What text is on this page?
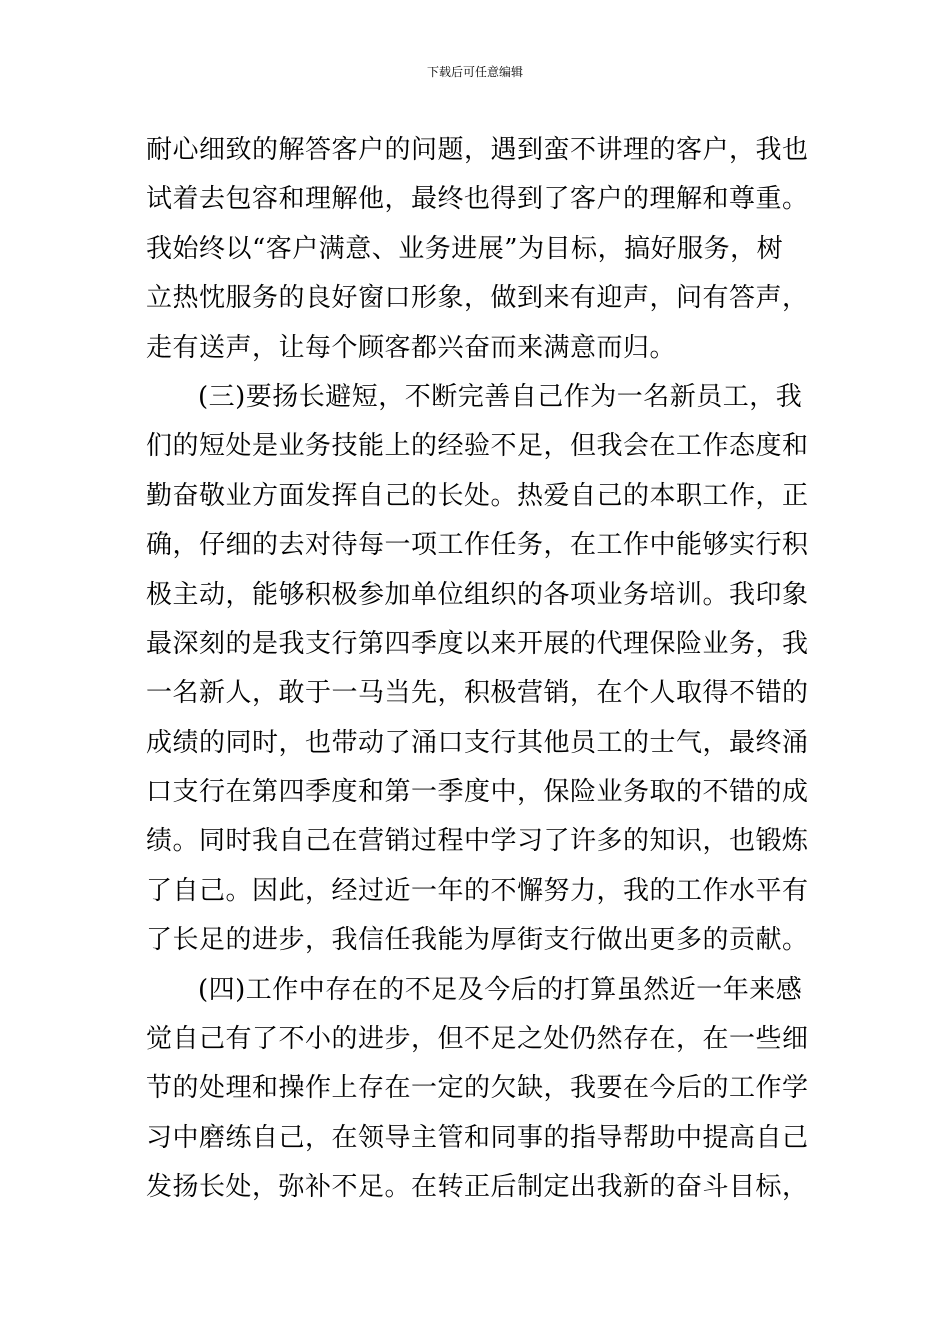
下载后可任意编辑
耐心细致的解答客户的问题，遇到蛮不讲理的客户，我也
试着去包容和理解他，最终也得到了客户的理解和尊重。
我始终以“客户满意、业务进展”为目标，搞好服务，树
立热忱服务的良好窗口形象，做到来有迎声，问有答声，
走有送声，让每个顾客都兴奋而来满意而归。
(三)要扬长避短，不断完善自己作为一名新员工，我
们的短处是业务技能上的经验不足，但我会在工作态度和
勤奋敬业方面发挥自己的长处。热爱自己的本职工作，正
确，仔细的去对待每一项工作任务，在工作中能够实行积
极主动，能够积极参加单位组织的各项业务培训。我印象
最深刻的是我支行第四季度以来开展的代理保险业务，我
一名新人，敢于一马当先，积极营销，在个人取得不错的
成绩的同时，也带动了涌口支行其他员工的士气，最终涌
口支行在第四季度和第一季度中，保险业务取的不错的成
绩。同时我自己在营销过程中学习了许多的知识，也锻炼
了自己。因此，经过近一年的不懈努力，我的工作水平有
了长足的进步，我信任我能为厚街支行做出更多的贡献。
(四)工作中存在的不足及今后的打算虽然近一年来感
觉自己有了不小的进步，但不足之处仍然存在，在一些细
节的处理和操作上存在一定的欠缺，我要在今后的工作学
习中磨练自己，在领导主管和同事的指导帮助中提高自己
发扬长处，弥补不足。在转正后制定出我新的奋斗目标，
